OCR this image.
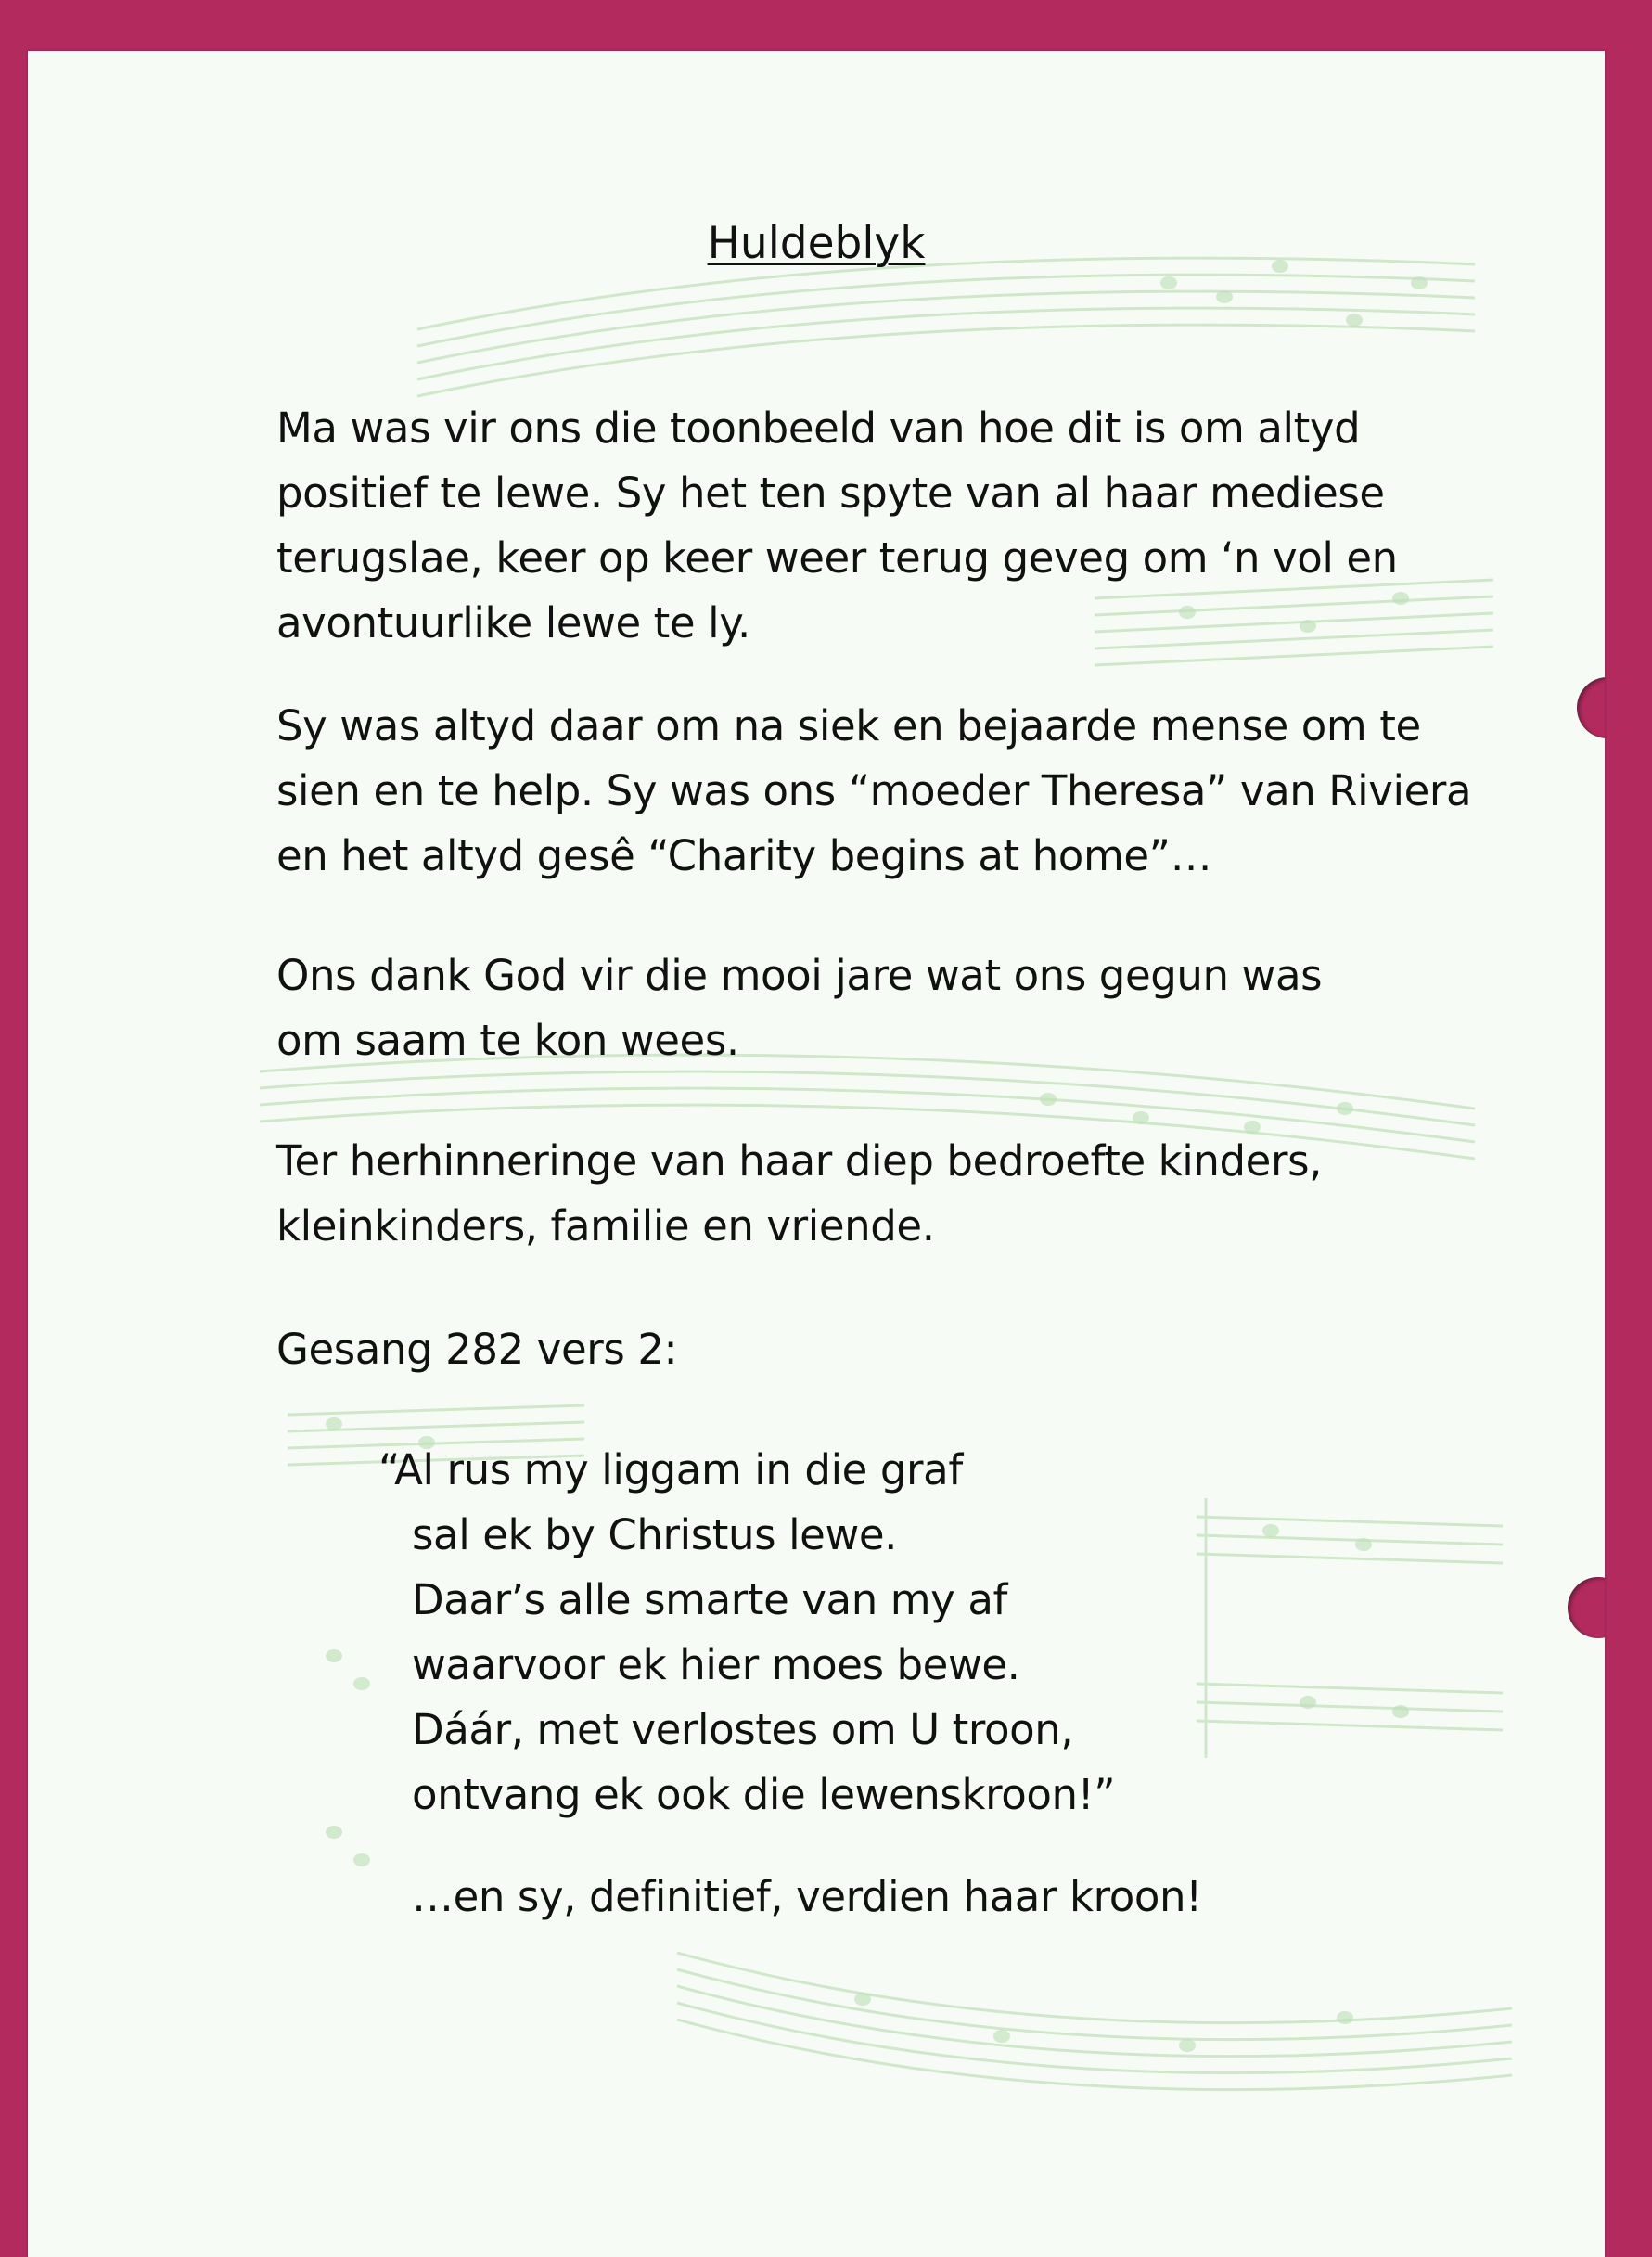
Huldeblyk

Ma was vir ons die toonbeeld van hoe dit is om altyd
positief te lewe. Sy het ten spyte van al haar mediese
terugslae, keer op keer weer terug geveg om ‘n vol en
avontuurlike lewe te ly.

Sy was altyd daar om na siek en bejaarde mense om te
sien en te help. Sy was ons “moeder Theresa” van Riviera
en het altyd gesê “Charity begins at home”…

Ons dank God vir die mooi jare wat ons gegun was
om saam te kon wees.

Ter herhinneringe van haar diep bedroefte kinders,
kleinkinders, familie en vriende.

Gesang 282 vers 2:

“Al rus my liggam in die graf
sal ek by Christus lewe.
Daar’s alle smarte van my af
waarvoor ek hier moes bewe.
Dáár, met verlostes om U troon,
ontvang ek ook die lewenskroon!”

…en sy, definitief, verdien haar kroon!
